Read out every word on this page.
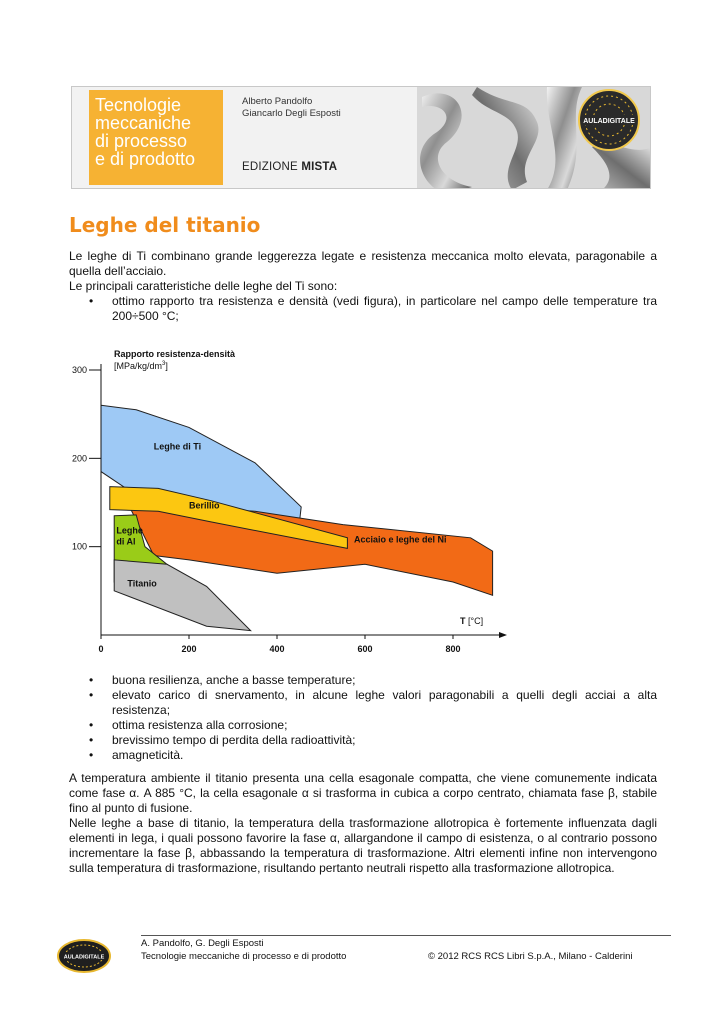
Tecnologie
meccaniche
di processo
e di prodotto
Alberto Pandolfo
Giancarlo Degli Esposti
EDIZIONE MISTA
AULADIGITALE
Leghe del titanio
Le leghe di Ti combinano grande leggerezza legate e resistenza meccanica molto elevata, paragonabile a quella dell’acciaio.
Le principali caratteristiche delle leghe del Ti sono:
• ottimo rapporto tra resistenza e densità (vedi figura), in particolare nel campo delle temperature tra 200÷500 °C;
0	200	400	600	800
100
200
300
Leghe di Ti
Acciaio e leghe del Ni
Berillio
Leghe
di Al
Titanio
Rapporto resistenza-densità
$[MPa/kg/dm^3]$
T [°C]
• buona resilienza, anche a basse temperature;
• elevato carico di snervamento, in alcune leghe valori paragonabili a quelli degli acciai a alta resistenza;
• ottima resistenza alla corrosione;
• brevissimo tempo di perdita della radioattività;
• amagneticità.
A temperatura ambiente il titanio presenta una cella esagonale compatta, che viene comunemente indicata come fase α. A 885 °C, la cella esagonale α si trasforma in cubica a corpo centrato, chiamata fase β, stabile fino al punto di fusione.
Nelle leghe a base di titanio, la temperatura della trasformazione allotropica è fortemente influenzata dagli elementi in lega, i quali possono favorire la fase α, allargandone il campo di esistenza, o al contrario possono incrementare la fase β, abbassando la temperatura di trasformazione. Altri elementi infine non intervengono sulla temperatura di trasformazione, risultando pertanto neutrali rispetto alla trasformazione allotropica.
AULADIGITALE
A. Pandolfo, G. Degli Esposti
Tecnologie meccaniche di processo e di prodotto	© 2012 RCS RCS Libri S.p.A., Milano - Calderini
